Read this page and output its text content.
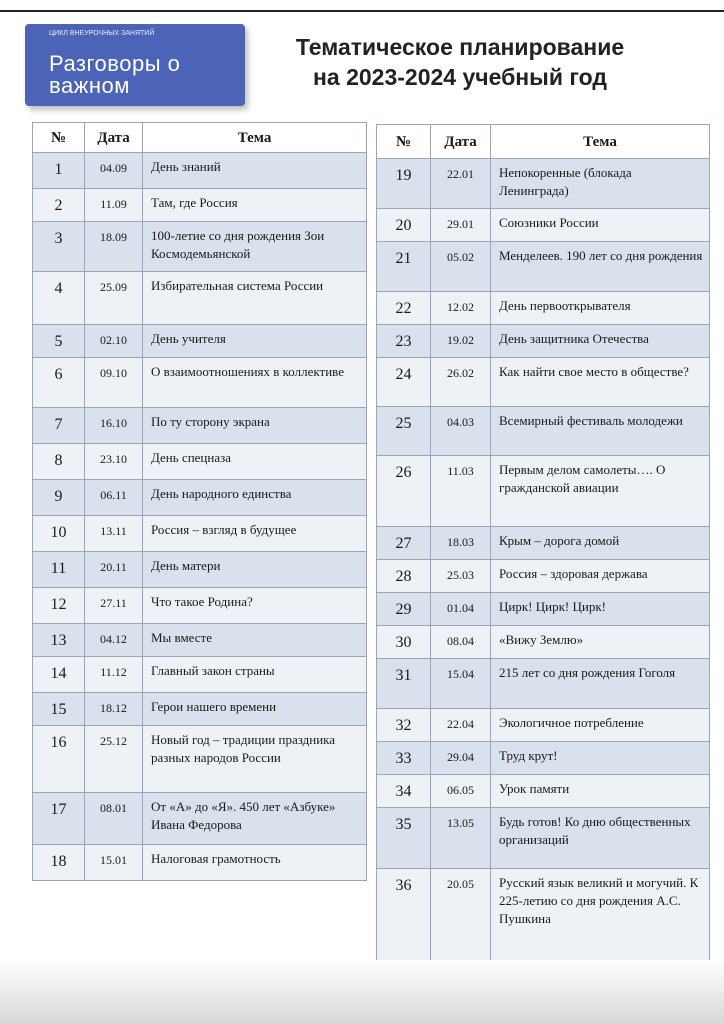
ЦИКЛ ВНЕУРОЧНЫХ ЗАНЯТИЙ
Разговоры о важном
Тематическое планирование
на 2023-2024 учебный год
№	Дата	Тема
1	04.09	День знаний
2	11.09	Там, где Россия
3	18.09	100-летие со дня рождения Зои Космодемьянской
4	25.09	Избирательная система России
5	02.10	День учителя
6	09.10	О взаимоотношениях в коллективе
7	16.10	По ту сторону экрана
8	23.10	День спецназа
9	06.11	День народного единства
10	13.11	Россия – взгляд в будущее
11	20.11	День матери
12	27.11	Что такое Родина?
13	04.12	Мы вместе
14	11.12	Главный закон страны
15	18.12	Герои нашего времени
16	25.12	Новый год – традиции праздника разных народов России
17	08.01	От «А» до «Я». 450 лет «Азбуке» Ивана Федорова
18	15.01	Налоговая грамотность
№	Дата	Тема
19	22.01	Непокоренные (блокада Ленинграда)
20	29.01	Союзники России
21	05.02	Менделеев. 190 лет со дня рождения
22	12.02	День первооткрывателя
23	19.02	День защитника Отечества
24	26.02	Как найти свое место в обществе?
25	04.03	Всемирный фестиваль молодежи
26	11.03	Первым делом самолеты…. О гражданской авиации
27	18.03	Крым – дорога домой
28	25.03	Россия – здоровая держава
29	01.04	Цирк! Цирк! Цирк!
30	08.04	«Вижу Землю»
31	15.04	215 лет со дня рождения Гоголя
32	22.04	Экологичное потребление
33	29.04	Труд крут!
34	06.05	Урок памяти
35	13.05	Будь готов! Ко дню общественных организаций
36	20.05	Русский язык великий и могучий. К 225-летию со дня рождения А.С. Пушкина
